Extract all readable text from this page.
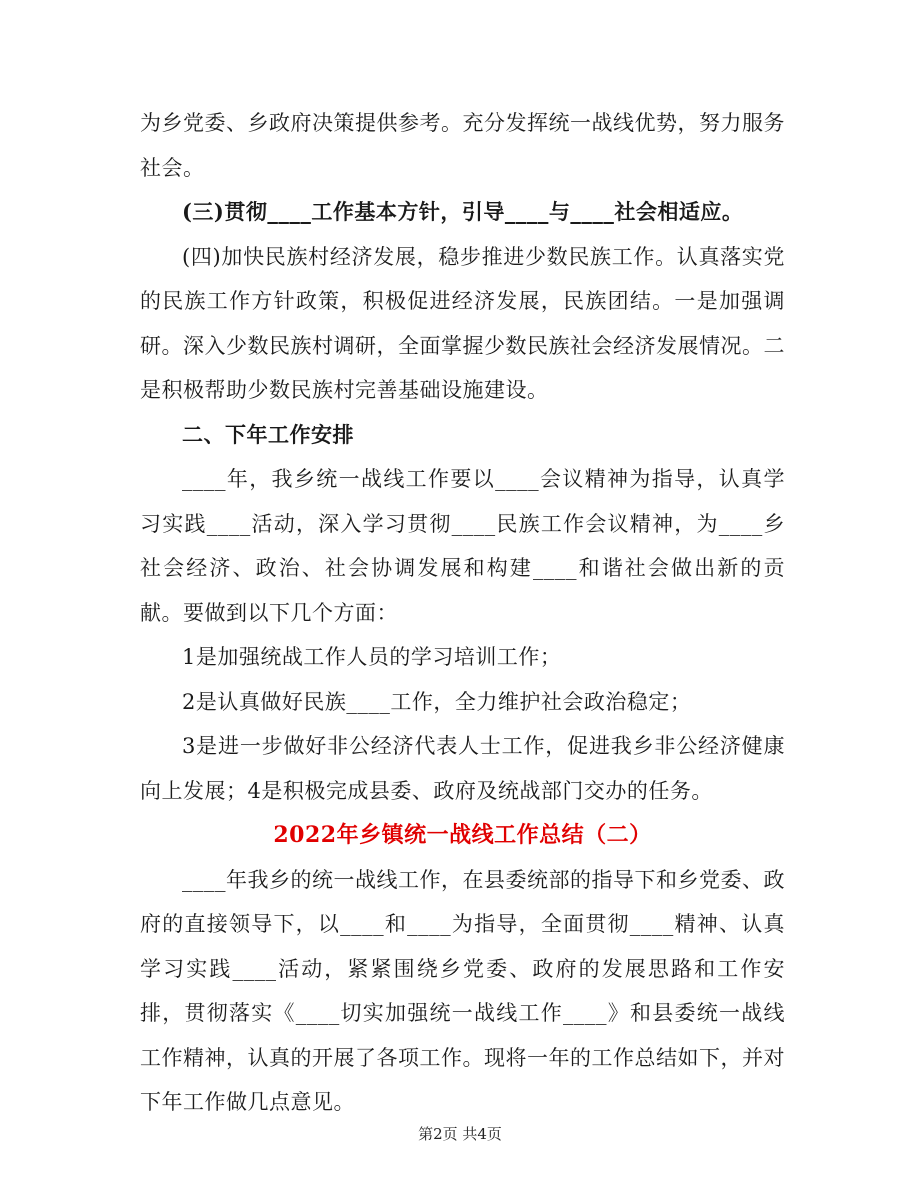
为乡党委、乡政府决策提供参考。充分发挥统一战线优势，努力服务社会。

(三)贯彻____工作基本方针，引导____与____社会相适应。

(四)加快民族村经济发展，稳步推进少数民族工作。认真落实党的民族工作方针政策，积极促进经济发展，民族团结。一是加强调研。深入少数民族村调研，全面掌握少数民族社会经济发展情况。二是积极帮助少数民族村完善基础设施建设。

二、下年工作安排

____年，我乡统一战线工作要以____会议精神为指导，认真学习实践____活动，深入学习贯彻____民族工作会议精神，为____乡社会经济、政治、社会协调发展和构建____和谐社会做出新的贡献。要做到以下几个方面：

1是加强统战工作人员的学习培训工作；

2是认真做好民族____工作，全力维护社会政治稳定；

3是进一步做好非公经济代表人士工作，促进我乡非公经济健康向上发展；4是积极完成县委、政府及统战部门交办的任务。

2022年乡镇统一战线工作总结（二）

____年我乡的统一战线工作，在县委统部的指导下和乡党委、政府的直接领导下，以____和____为指导，全面贯彻____精神、认真学习实践____活动，紧紧围绕乡党委、政府的发展思路和工作安排，贯彻落实《____切实加强统一战线工作____》和县委统一战线工作精神，认真的开展了各项工作。现将一年的工作总结如下，并对下年工作做几点意见。

第2页 共4页
